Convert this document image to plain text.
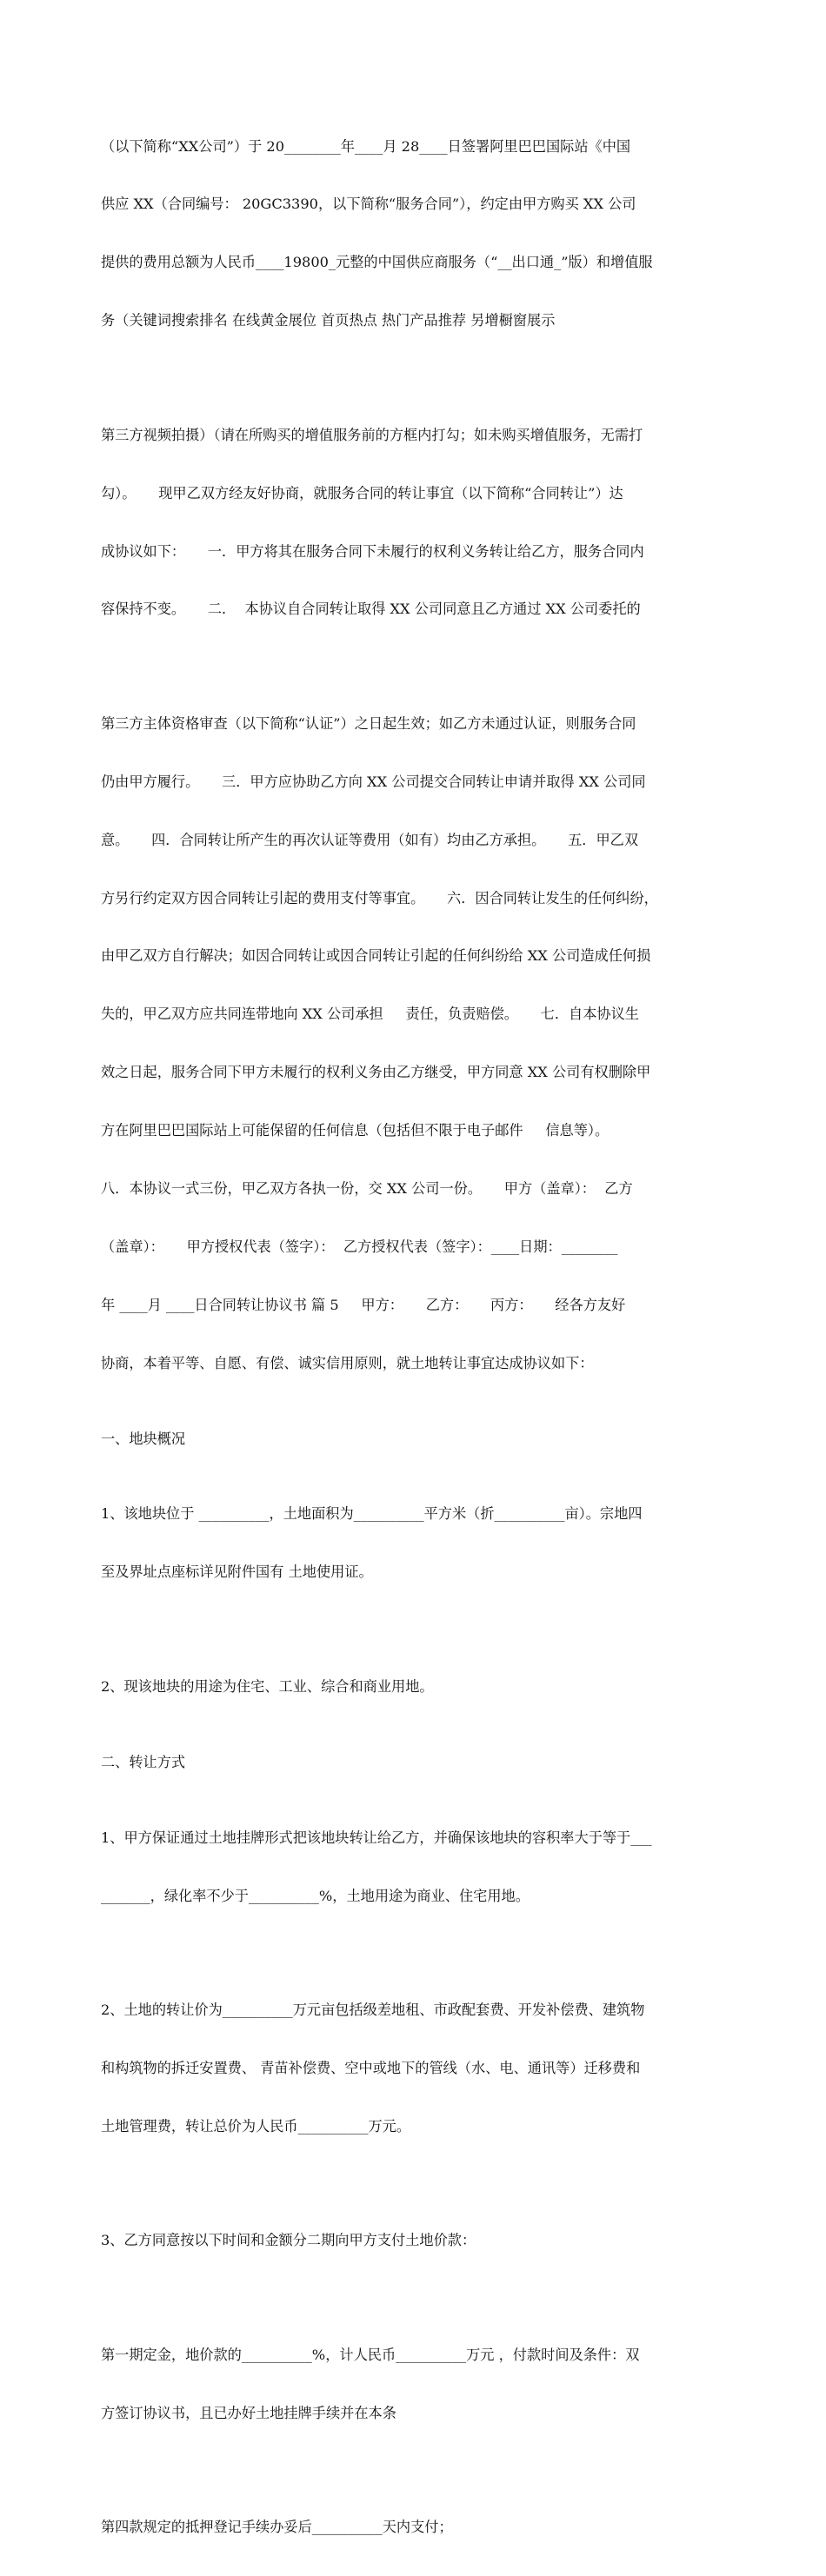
（以下简称“XX公司”）于 20________年____月 28____日签署阿里巴巴国际站《中国

供应 XX（合同编号： 20GC3390，以下简称“服务合同”），约定由甲方购买 XX 公司

提供的费用总额为人民币____19800_元整的中国供应商服务（“__出口通_”版）和增值服

务（关键词搜索排名 在线黄金展位 首页热点 热门产品推荐 另增橱窗展示

第三方视频拍摄）（请在所购买的增值服务前的方框内打勾；如未购买增值服务，无需打

勾）。     现甲乙双方经友好协商，就服务合同的转让事宜（以下简称“合同转让”）达

成协议如下：     一．甲方将其在服务合同下未履行的权利义务转让给乙方，服务合同内

容保持不变。     二．  本协议自合同转让取得 XX 公司同意且乙方通过 XX 公司委托的

第三方主体资格审查（以下简称“认证”）之日起生效；如乙方未通过认证，则服务合同

仍由甲方履行。     三．甲方应协助乙方向 XX 公司提交合同转让申请并取得 XX 公司同

意。     四．合同转让所产生的再次认证等费用（如有）均由乙方承担。     五．甲乙双

方另行约定双方因合同转让引起的费用支付等事宜。     六．因合同转让发生的任何纠纷，

由甲乙双方自行解决；如因合同转让或因合同转让引起的任何纠纷给 XX 公司造成任何损

失的，甲乙双方应共同连带地向 XX 公司承担     责任，负责赔偿。     七．自本协议生

效之日起，服务合同下甲方未履行的权利义务由乙方继受，甲方同意 XX 公司有权删除甲

方在阿里巴巴国际站上可能保留的任何信息（包括但不限于电子邮件     信息等）。

八．本协议一式三份，甲乙双方各执一份，交 XX 公司一份。     甲方（盖章）：  乙方

（盖章）：     甲方授权代表（签字）：  乙方授权代表（签字）：____日期：________

年 ____月 ____日合同转让协议书 篇 5     甲方：     乙方：     丙方：     经各方友好

协商，本着平等、自愿、有偿、诚实信用原则，就土地转让事宜达成协议如下：

一、地块概况

1、该地块位于 __________，土地面积为__________平方米（折__________亩）。宗地四

至及界址点座标详见附件国有 土地使用证。

2、现该地块的用途为住宅、工业、综合和商业用地。

二、转让方式

1、甲方保证通过土地挂牌形式把该地块转让给乙方，并确保该地块的容积率大于等于___

_______，绿化率不少于__________%，土地用途为商业、住宅用地。

2、土地的转让价为__________万元亩包括级差地租、市政配套费、开发补偿费、建筑物

和构筑物的拆迁安置费、 青苗补偿费、空中或地下的管线（水、电、通讯等）迁移费和

土地管理费，转让总价为人民币__________万元。

3、乙方同意按以下时间和金额分二期向甲方支付土地价款：

第一期定金，地价款的__________%，计人民币__________万元 ，付款时间及条件：双

方签订协议书，且已办好土地挂牌手续并在本条

第四款规定的抵押登记手续办妥后__________天内支付；
